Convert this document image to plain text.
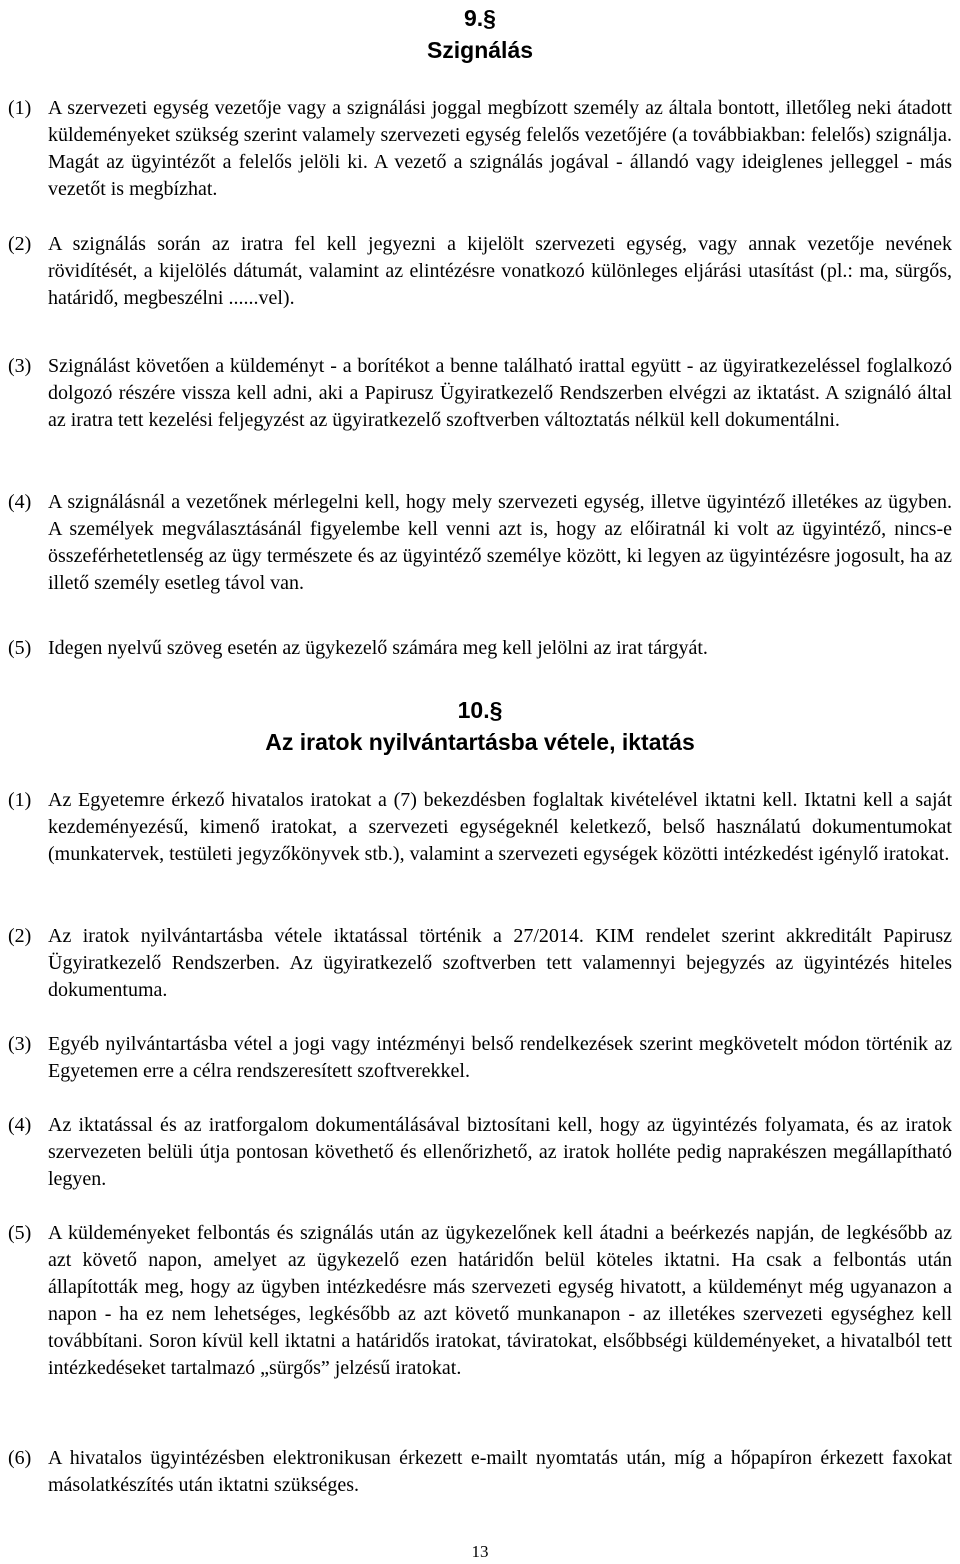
9.§
Szignálás
(1) A szervezeti egység vezetője vagy a szignálási joggal megbízott személy az általa bontott, illetőleg neki átadott küldeményeket szükség szerint valamely szervezeti egység felelős vezetőjére (a továbbiakban: felelős) szignálja. Magát az ügyintézőt a felelős jelöli ki. A vezető a szignálás jogával - állandó vagy ideiglenes jelleggel - más vezetőt is megbízhat.
(2) A szignálás során az iratra fel kell jegyezni a kijelölt szervezeti egység, vagy annak vezetője nevének rövidítését, a kijelölés dátumát, valamint az elintézésre vonatkozó különleges eljárási utasítást (pl.: ma, sürgős, határidő, megbeszélni ......vel).
(3) Szignálást követően a küldeményt - a borítékot a benne található irattal együtt - az ügyiratkezeléssel foglalkozó dolgozó részére vissza kell adni, aki a Papirusz Ügyiratkezelő Rendszerben elvégzi az iktatást. A szignáló által az iratra tett kezelési feljegyzést az ügyiratkezelő szoftverben változtatás nélkül kell dokumentálni.
(4) A szignálásnál a vezetőnek mérlegelni kell, hogy mely szervezeti egység, illetve ügyintéző illetékes az ügyben. A személyek megválasztásánál figyelembe kell venni azt is, hogy az előiratnál ki volt az ügyintéző, nincs-e összeférhetetlenség az ügy természete és az ügyintéző személye között, ki legyen az ügyintézésre jogosult, ha az illető személy esetleg távol van.
(5) Idegen nyelvű szöveg esetén az ügykezelő számára meg kell jelölni az irat tárgyát.
10.§
Az iratok nyilvántartásba vétele, iktatás
(1) Az Egyetemre érkező hivatalos iratokat a (7) bekezdésben foglaltak kivételével iktatni kell. Iktatni kell a saját kezdeményezésű, kimenő iratokat, a szervezeti egységeknél keletkező, belső használatú dokumentumokat (munkatervek, testületi jegyzőkönyvek stb.), valamint a szervezeti egységek közötti intézkedést igénylő iratokat.
(2) Az iratok nyilvántartásba vétele iktatással történik a 27/2014. KIM rendelet szerint akkreditált Papirusz Ügyiratkezelő Rendszerben. Az ügyiratkezelő szoftverben tett valamennyi bejegyzés az ügyintézés hiteles dokumentuma.
(3) Egyéb nyilvántartásba vétel a jogi vagy intézményi belső rendelkezések szerint megkövetelt módon történik az Egyetemen erre a célra rendszeresített szoftverekkel.
(4) Az iktatással és az iratforgalom dokumentálásával biztosítani kell, hogy az ügyintézés folyamata, és az iratok szervezeten belüli útja pontosan követhető és ellenőrizhető, az iratok holléte pedig naprakészen megállapítható legyen.
(5) A küldeményeket felbontás és szignálás után az ügykezelőnek kell átadni a beérkezés napján, de legkésőbb az azt követő napon, amelyet az ügykezelő ezen határidőn belül köteles iktatni. Ha csak a felbontás után állapították meg, hogy az ügyben intézkedésre más szervezeti egység hivatott, a küldeményt még ugyanazon a napon - ha ez nem lehetséges, legkésőbb az azt követő munkanapon - az illetékes szervezeti egységhez kell továbbítani. Soron kívül kell iktatni a határidős iratokat, táviratokat, elsőbbségi küldeményeket, a hivatalból tett intézkedéseket tartalmazó „sürgős” jelzésű iratokat.
(6) A hivatalos ügyintézésben elektronikusan érkezett e-mailt nyomtatás után, míg a hőpapíron érkezett faxokat másolatkészítés után iktatni szükséges.
13
